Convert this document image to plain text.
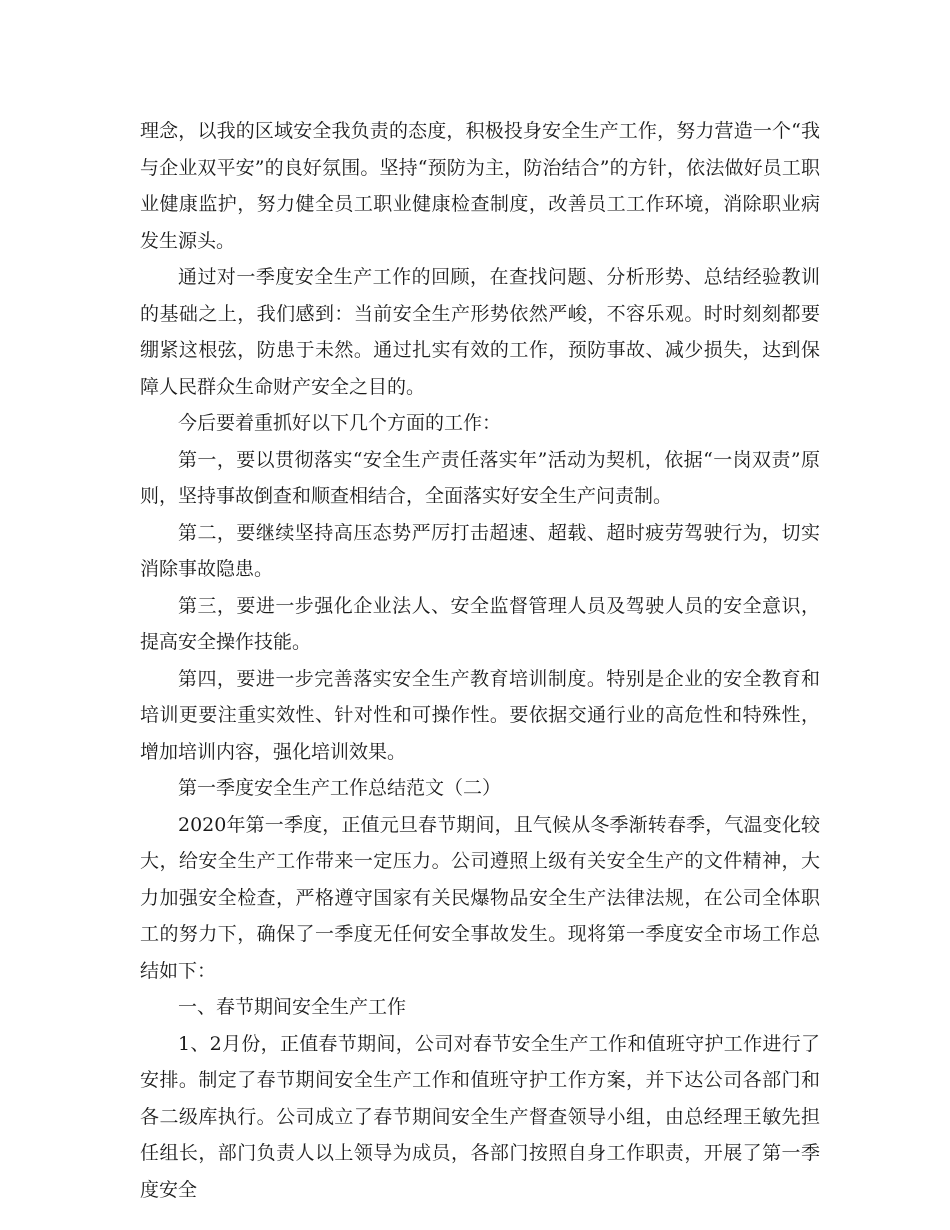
理念，以我的区域安全我负责的态度，积极投身安全生产工作，努力营造一个“我与企业双平安”的良好氛围。坚持“预防为主，防治结合”的方针，依法做好员工职业健康监护，努力健全员工职业健康检查制度，改善员工工作环境，消除职业病发生源头。

通过对一季度安全生产工作的回顾，在查找问题、分析形势、总结经验教训的基础之上，我们感到：当前安全生产形势依然严峻，不容乐观。时时刻刻都要绷紧这根弦，防患于未然。通过扎实有效的工作，预防事故、减少损失，达到保障人民群众生命财产安全之目的。

今后要着重抓好以下几个方面的工作：

第一，要以贯彻落实“安全生产责任落实年”活动为契机，依据“一岗双责”原则，坚持事故倒查和顺查相结合，全面落实好安全生产问责制。

第二，要继续坚持高压态势严厉打击超速、超载、超时疲劳驾驶行为，切实消除事故隐患。

第三，要进一步强化企业法人、安全监督管理人员及驾驶人员的安全意识，提高安全操作技能。

第四，要进一步完善落实安全生产教育培训制度。特别是企业的安全教育和培训更要注重实效性、针对性和可操作性。要依据交通行业的高危性和特殊性，增加培训内容，强化培训效果。

第一季度安全生产工作总结范文（二）

2020年第一季度，正值元旦春节期间，且气候从冬季渐转春季，气温变化较大，给安全生产工作带来一定压力。公司遵照上级有关安全生产的文件精神，大力加强安全检查，严格遵守国家有关民爆物品安全生产法律法规，在公司全体职工的努力下，确保了一季度无任何安全事故发生。现将第一季度安全市场工作总结如下：

一、春节期间安全生产工作

1、2月份，正值春节期间，公司对春节安全生产工作和值班守护工作进行了安排。制定了春节期间安全生产工作和值班守护工作方案，并下达公司各部门和各二级库执行。公司成立了春节期间安全生产督查领导小组，由总经理王敏先担任组长，部门负责人以上领导为成员，各部门按照自身工作职责，开展了第一季度安全
